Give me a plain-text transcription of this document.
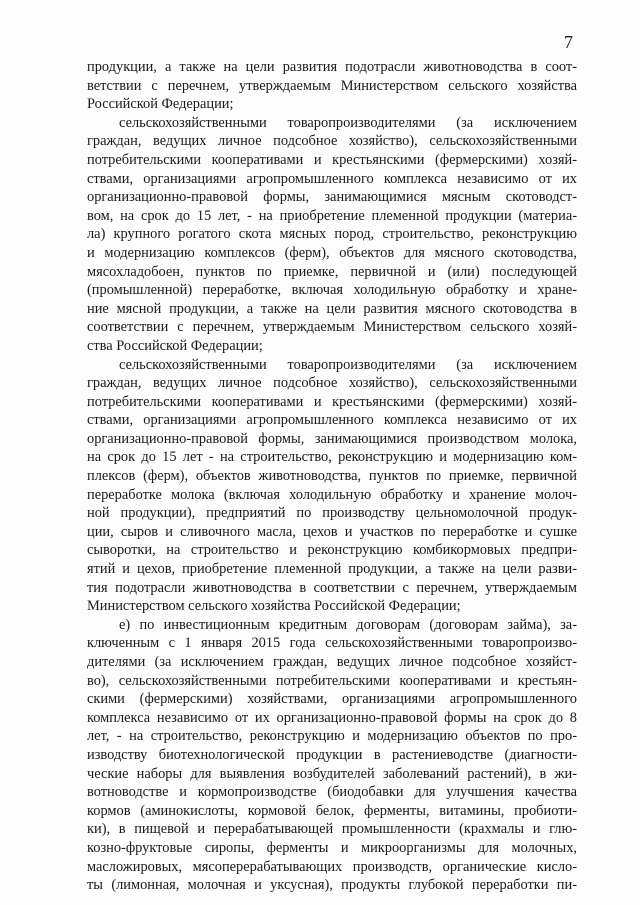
7
продукции, а также на цели развития подотрасли животноводства в соот-
ветствии с перечнем, утверждаемым Министерством сельского хозяйства
Российской Федерации;
сельскохозяйственными товаропроизводителями (за исключением
граждан, ведущих личное подсобное хозяйство), сельскохозяйственными
потребительскими кооперативами и крестьянскими (фермерскими) хозяй-
ствами, организациями агропромышленного комплекса независимо от их
организационно-правовой формы, занимающимися мясным скотоводст-
вом, на срок до 15 лет, - на приобретение племенной продукции (материа-
ла) крупного рогатого скота мясных пород, строительство, реконструкцию
и модернизацию комплексов (ферм), объектов для мясного скотоводства,
мясохладобоен, пунктов по приемке, первичной и (или) последующей
(промышленной) переработке, включая холодильную обработку и хране-
ние мясной продукции, а также на цели развития мясного скотоводства в
соответствии с перечнем, утверждаемым Министерством сельского хозяй-
ства Российской Федерации;
сельскохозяйственными товаропроизводителями (за исключением
граждан, ведущих личное подсобное хозяйство), сельскохозяйственными
потребительскими кооперативами и крестьянскими (фермерскими) хозяй-
ствами, организациями агропромышленного комплекса независимо от их
организационно-правовой формы, занимающимися производством молока,
на срок до 15 лет - на строительство, реконструкцию и модернизацию ком-
плексов (ферм), объектов животноводства, пунктов по приемке, первичной
переработке молока (включая холодильную обработку и хранение молоч-
ной продукции), предприятий по производству цельномолочной продук-
ции, сыров и сливочного масла, цехов и участков по переработке и сушке
сыворотки, на строительство и реконструкцию комбикормовых предпри-
ятий и цехов, приобретение племенной продукции, а также на цели разви-
тия подотрасли животноводства в соответствии с перечнем, утверждаемым
Министерством сельского хозяйства Российской Федерации;
е) по инвестиционным кредитным договорам (договорам займа), за-
ключенным с 1 января 2015 года сельскохозяйственными товаропроизво-
дителями (за исключением граждан, ведущих личное подсобное хозяйст-
во), сельскохозяйственными потребительскими кооперативами и крестьян-
скими (фермерскими) хозяйствами, организациями агропромышленного
комплекса независимо от их организационно-правовой формы на срок до 8
лет, - на строительство, реконструкцию и модернизацию объектов по про-
изводству биотехнологической продукции в растениеводстве (диагности-
ческие наборы для выявления возбудителей заболеваний растений), в жи-
вотноводстве и кормопроизводстве (биодобавки для улучшения качества
кормов (аминокислоты, кормовой белок, ферменты, витамины, пробиоти-
ки), в пищевой и перерабатывающей промышленности (крахмалы и глю-
козно-фруктовые сиропы, ферменты и микроорганизмы для молочных,
масложировых, мясоперерабатывающих производств, органические кисло-
ты (лимонная, молочная и уксусная), продукты глубокой переработки пи-
